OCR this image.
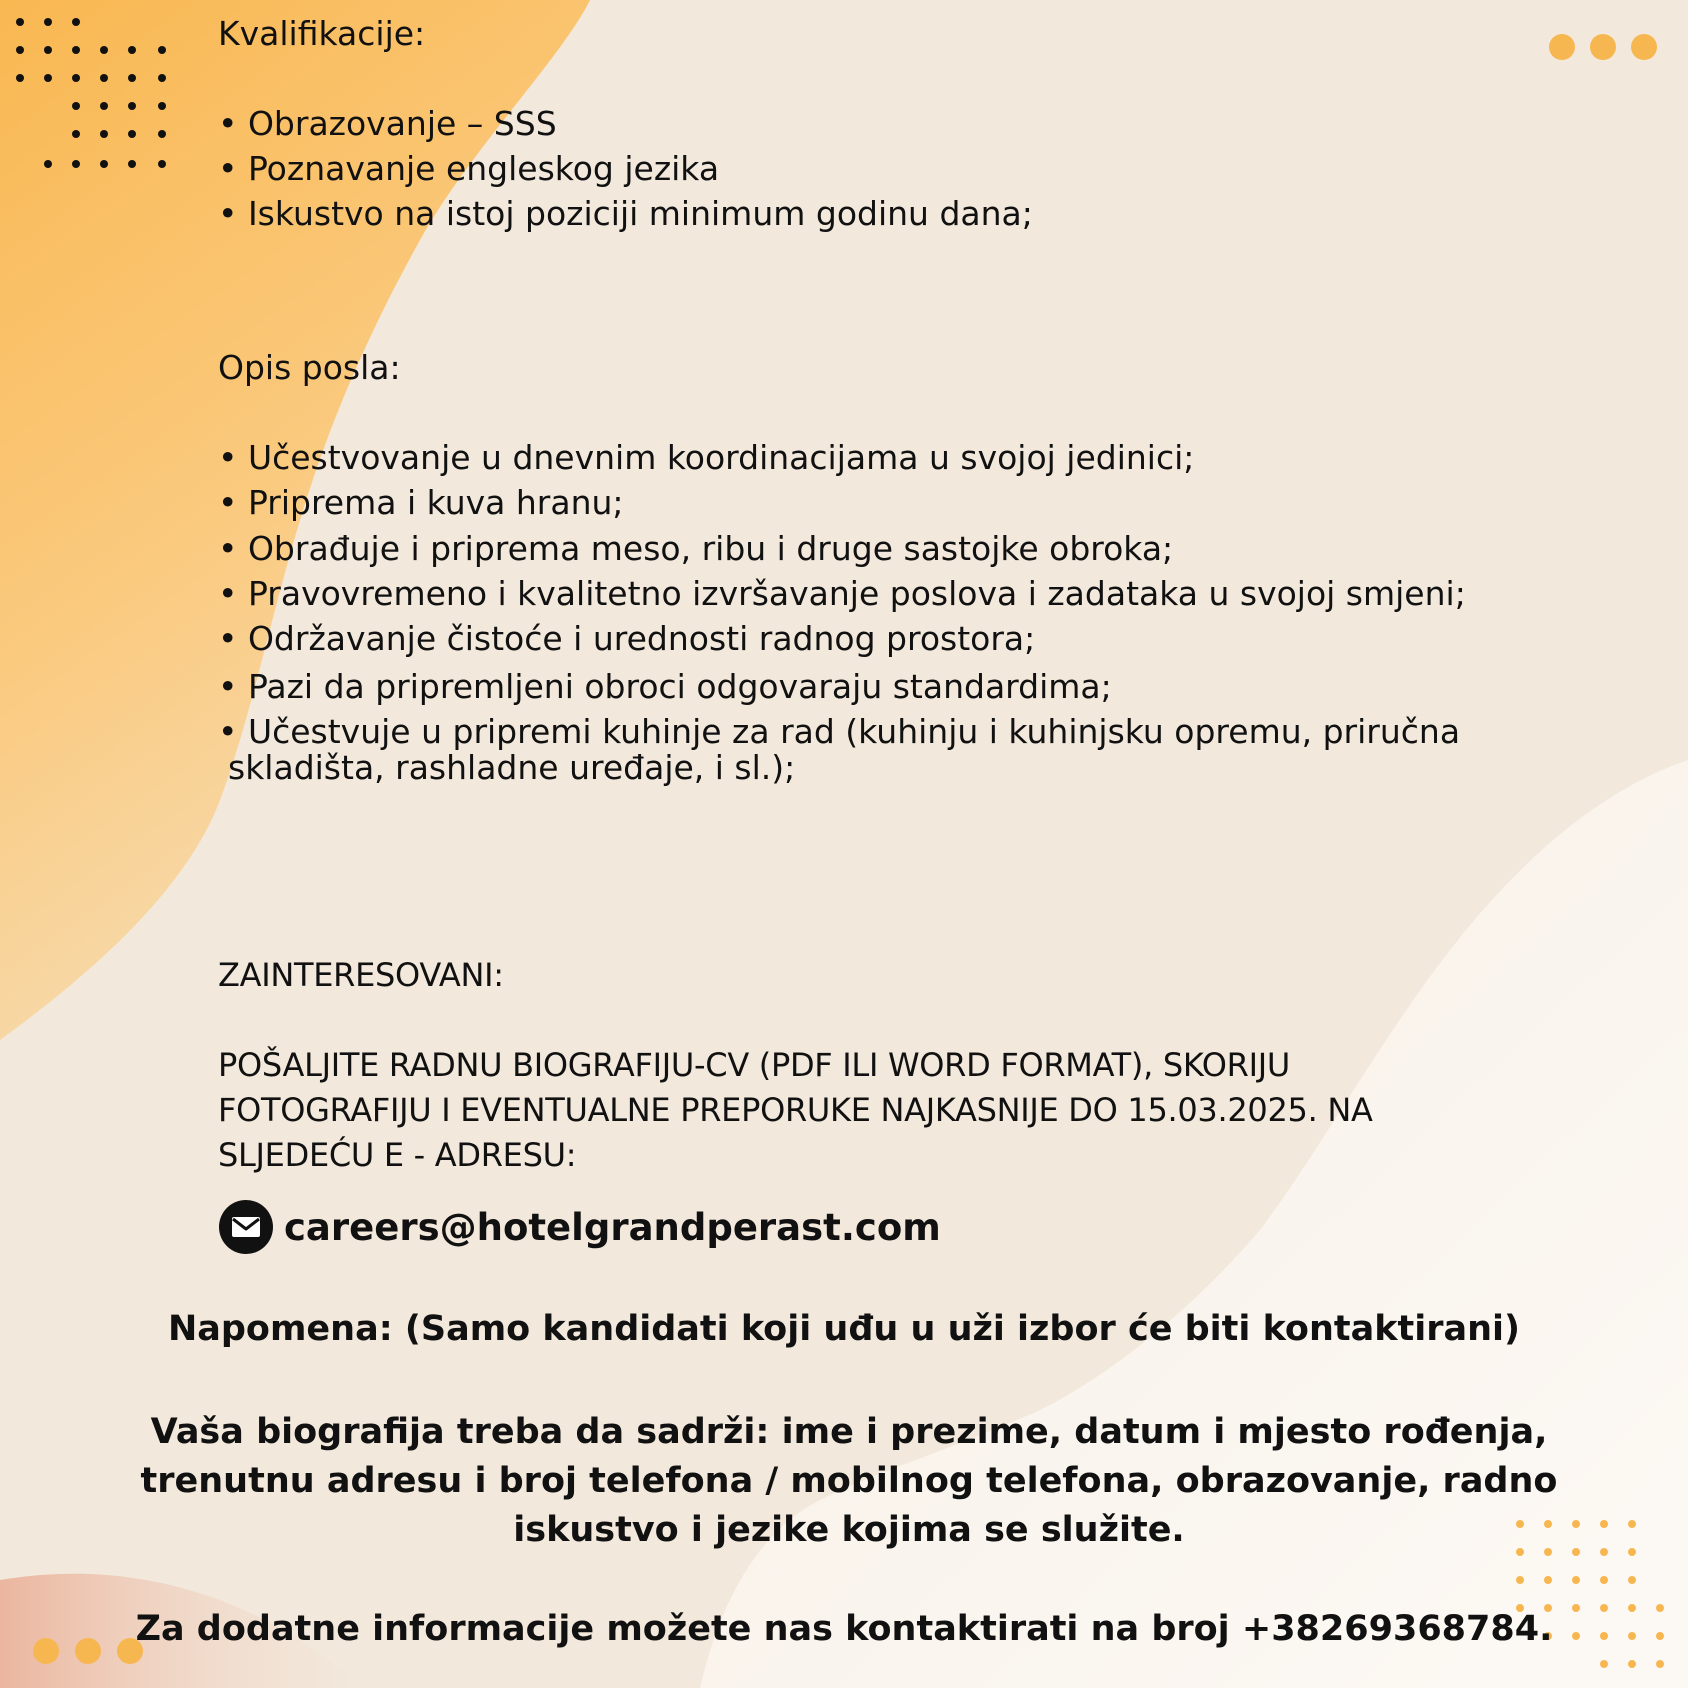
Kvalifikacije:
• Obrazovanje – SSS
• Poznavanje engleskog jezika
• Iskustvo na istoj poziciji minimum godinu dana;
Opis posla:
• Učestvovanje u dnevnim koordinacijama u svojoj jedinici;
• Priprema i kuva hranu;
• Obrađuje i priprema meso, ribu i druge sastojke obroka;
• Pravovremeno i kvalitetno izvršavanje poslova i zadataka u svojoj smjeni;
• Održavanje čistoće i urednosti radnog prostora;
• Pazi da pripremljeni obroci odgovaraju standardima;
• Učestvuje u pripremi kuhinje za rad (kuhinju i kuhinjsku opremu, priručna
skladišta, rashladne uređaje, i sl.);
ZAINTERESOVANI:
POŠALJITE RADNU BIOGRAFIJU-CV (PDF ILI WORD FORMAT), SKORIJU
FOTOGRAFIJU I EVENTUALNE PREPORUKE NAJKASNIJE DO 15.03.2025. NA
SLJEDEĆU E - ADRESU:
careers@hotelgrandperast.com
Napomena: (Samo kandidati koji uđu u uži izbor će biti kontaktirani)
Vaša biografija treba da sadrži: ime i prezime, datum i mjesto rođenja, trenutnu adresu i broj telefona / mobilnog telefona, obrazovanje, radno iskustvo i jezike kojima se služite.
Za dodatne informacije možete nas kontaktirati na broj +38269368784.
